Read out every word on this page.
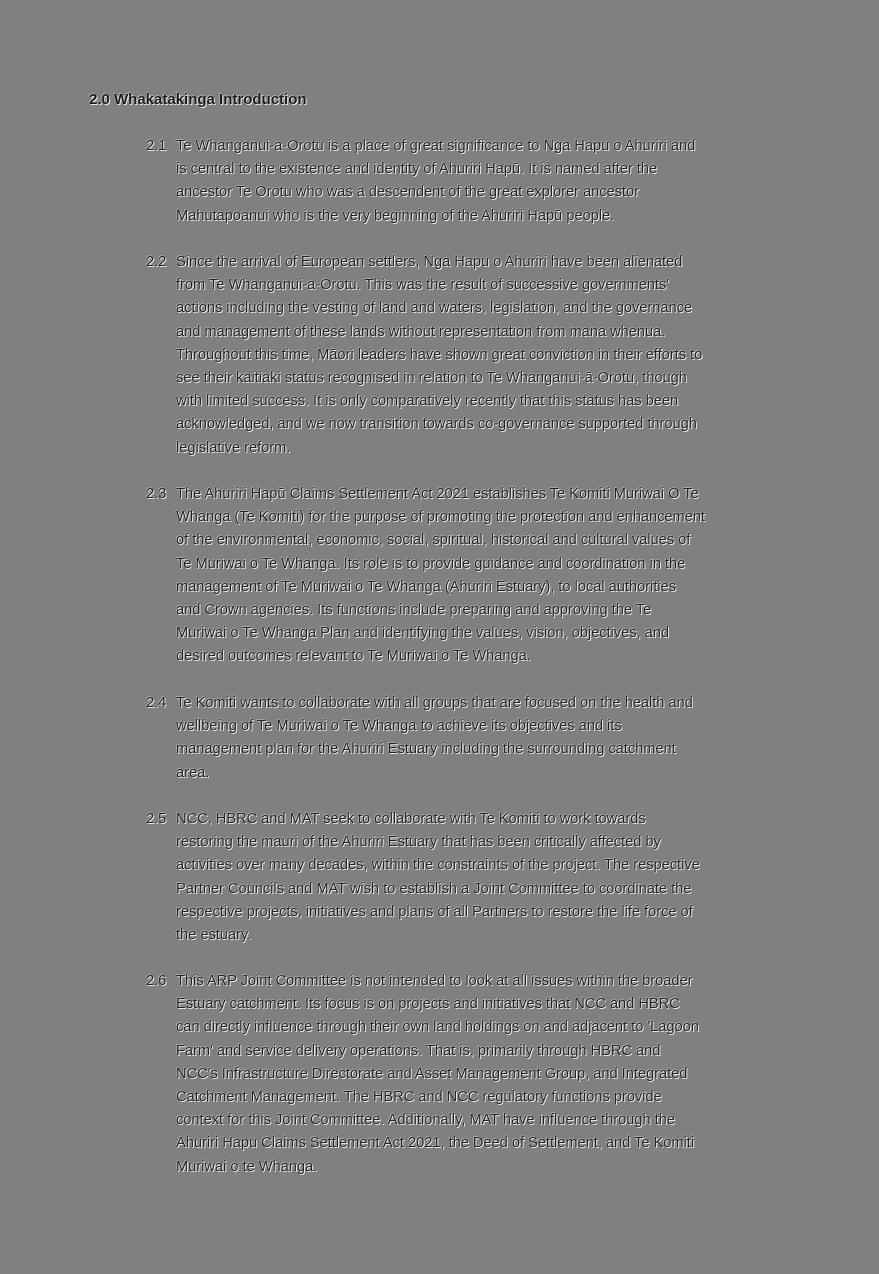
2.0 Whakatakinga Introduction
2.1 Te Whanganui-a-Orotu is a place of great significance to Nga Hapu o Ahuriri and
is central to the existence and identity of Ahuriri Hapū. It is named after the
ancestor Te Orotu who was a descendent of the great explorer ancestor
Mahutapoanui who is the very beginning of the Ahuriri Hapū people.
2.2 Since the arrival of European settlers, Nga Hapu o Ahuriri have been alienated
from Te Whanganui-a-Orotu. This was the result of successive governments'
actions including the vesting of land and waters, legislation, and the governance
and management of these lands without representation from mana whenua.
Throughout this time, Māori leaders have shown great conviction in their efforts to
see their kaitiaki status recognised in relation to Te Whanganui-ā-Orotu, though
with limited success. It is only comparatively recently that this status has been
acknowledged, and we now transition towards co-governance supported through
legislative reform.
2.3 The Ahuriri Hapū Claims Settlement Act 2021 establishes Te Komiti Muriwai O Te
Whanga (Te Komiti) for the purpose of promoting the protection and enhancement
of the environmental, economic, social, spiritual, historical and cultural values of
Te Muriwai o Te Whanga. Its role is to provide guidance and coordination in the
management of Te Muriwai o Te Whanga (Ahuriri Estuary), to local authorities
and Crown agencies. Its functions include preparing and approving the Te
Muriwai o Te Whanga Plan and identifying the values, vision, objectives, and
desired outcomes relevant to Te Muriwai o Te Whanga.
2.4 Te Komiti wants to collaborate with all groups that are focused on the health and
wellbeing of Te Muriwai o Te Whanga to achieve its objectives and its
management plan for the Ahuriri Estuary including the surrounding catchment
area.
2.5 NCC, HBRC and MAT seek to collaborate with Te Komiti to work towards
restoring the mauri of the Ahuriri Estuary that has been critically affected by
activities over many decades, within the constraints of the project. The respective
Partner Councils and MAT wish to establish a Joint Committee to coordinate the
respective projects, initiatives and plans of all Partners to restore the life force of
the estuary.
2.6 This ARP Joint Committee is not intended to look at all issues within the broader
Estuary catchment. Its focus is on projects and initiatives that NCC and HBRC
can directly influence through their own land holdings on and adjacent to 'Lagoon
Farm' and service delivery operations. That is, primarily through HBRC and
NCC's Infrastructure Directorate and Asset Management Group, and Integrated
Catchment Management. The HBRC and NCC regulatory functions provide
context for this Joint Committee. Additionally, MAT have influence through the
Ahuriri Hapu Claims Settlement Act 2021, the Deed of Settlement, and Te Komiti
Muriwai o te Whanga.
